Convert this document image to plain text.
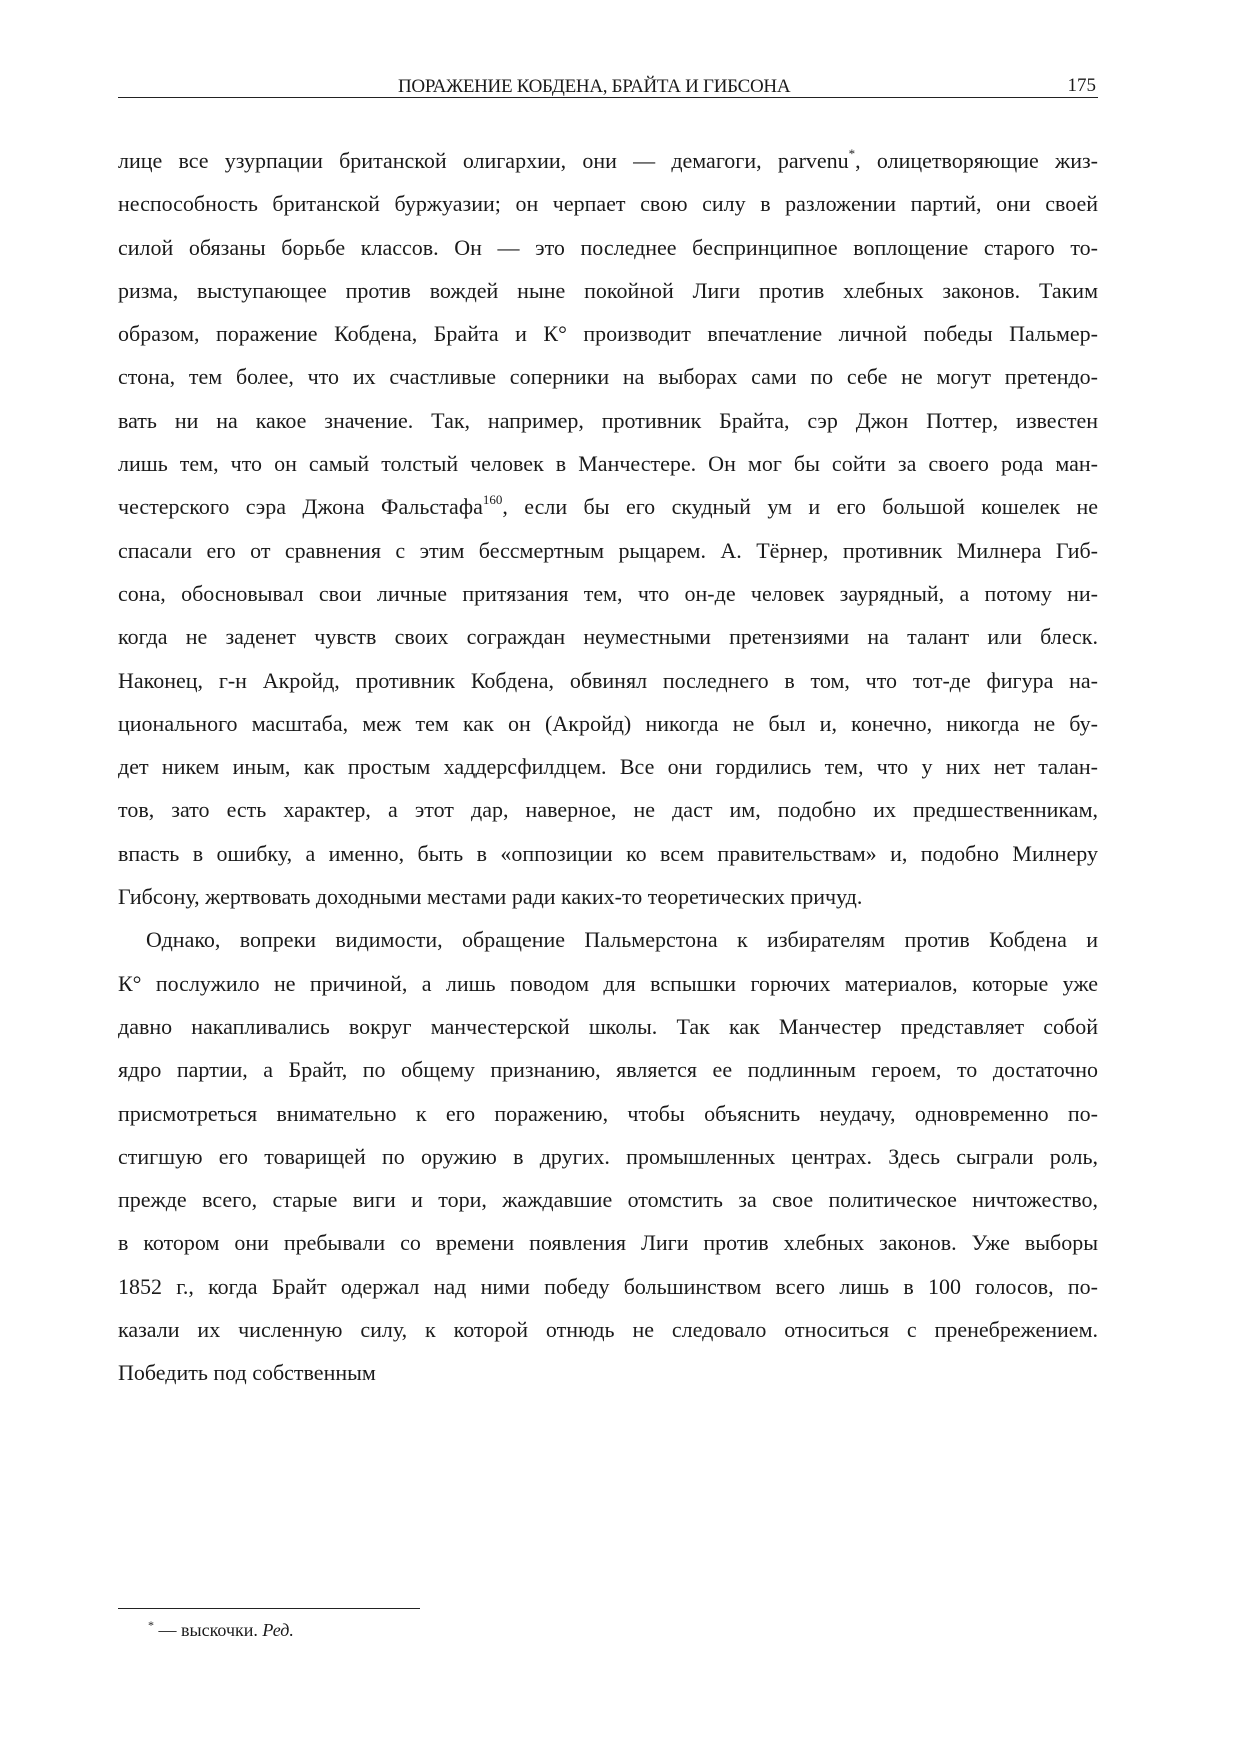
ПОРАЖЕНИЕ КОБДЕНА, БРАЙТА И ГИБСОНА	175
лице все узурпации британской олигархии, они — демагоги, parvenu*, олицетворяющие жиз-
неспособность британской буржуазии; он черпает свою силу в разложении партий, они своей
силой обязаны борьбе классов. Он — это последнее беспринципное воплощение старого то-
ризма, выступающее против вождей ныне покойной Лиги против хлебных законов. Таким
образом, поражение Кобдена, Брайта и К° производит впечатление личной победы Пальмер-
стона, тем более, что их счастливые соперники на выборах сами по себе не могут претендо-
вать ни на какое значение. Так, например, противник Брайта, сэр Джон Поттер, известен
лишь тем, что он самый толстый человек в Манчестере. Он мог бы сойти за своего рода ман-
честерского сэра Джона Фальстафа$^{160}$, если бы его скудный ум и его большой кошелек не
спасали его от сравнения с этим бессмертным рыцарем. А. Тёрнер, противник Милнера Гиб-
сона, обосновывал свои личные притязания тем, что он-де человек заурядный, а потому ни-
когда не заденет чувств своих сограждан неуместными претензиями на талант или блеск.
Наконец, г-н Акройд, противник Кобдена, обвинял последнего в том, что тот-де фигура на-
ционального масштаба, меж тем как он (Акройд) никогда не был и, конечно, никогда не бу-
дет никем иным, как простым хаддерсфилдцем. Все они гордились тем, что у них нет талан-
тов, зато есть характер, а этот дар, наверное, не даст им, подобно их предшественникам,
впасть в ошибку, а именно, быть в «оппозиции ко всем правительствам» и, подобно Милнеру
Гибсону, жертвовать доходными местами ради каких-то теоретических причуд.
Однако, вопреки видимости, обращение Пальмерстона к избирателям против Кобдена и
К° послужило не причиной, а лишь поводом для вспышки горючих материалов, которые уже
давно накапливались вокруг манчестерской школы. Так как Манчестер представляет собой
ядро партии, а Брайт, по общему признанию, является ее подлинным героем, то достаточно
присмотреться внимательно к его поражению, чтобы объяснить неудачу, одновременно по-
стигшую его товарищей по оружию в других. промышленных центрах. Здесь сыграли роль,
прежде всего, старые виги и тори, жаждавшие отомстить за свое политическое ничтожество,
в котором они пребывали со времени появления Лиги против хлебных законов. Уже выборы
1852 г., когда Брайт одержал над ними победу большинством всего лишь в 100 голосов, по-
казали их численную силу, к которой отнюдь не следовало относиться с пренебрежением.
Победить под собственным
* — выскочки. Ред.
